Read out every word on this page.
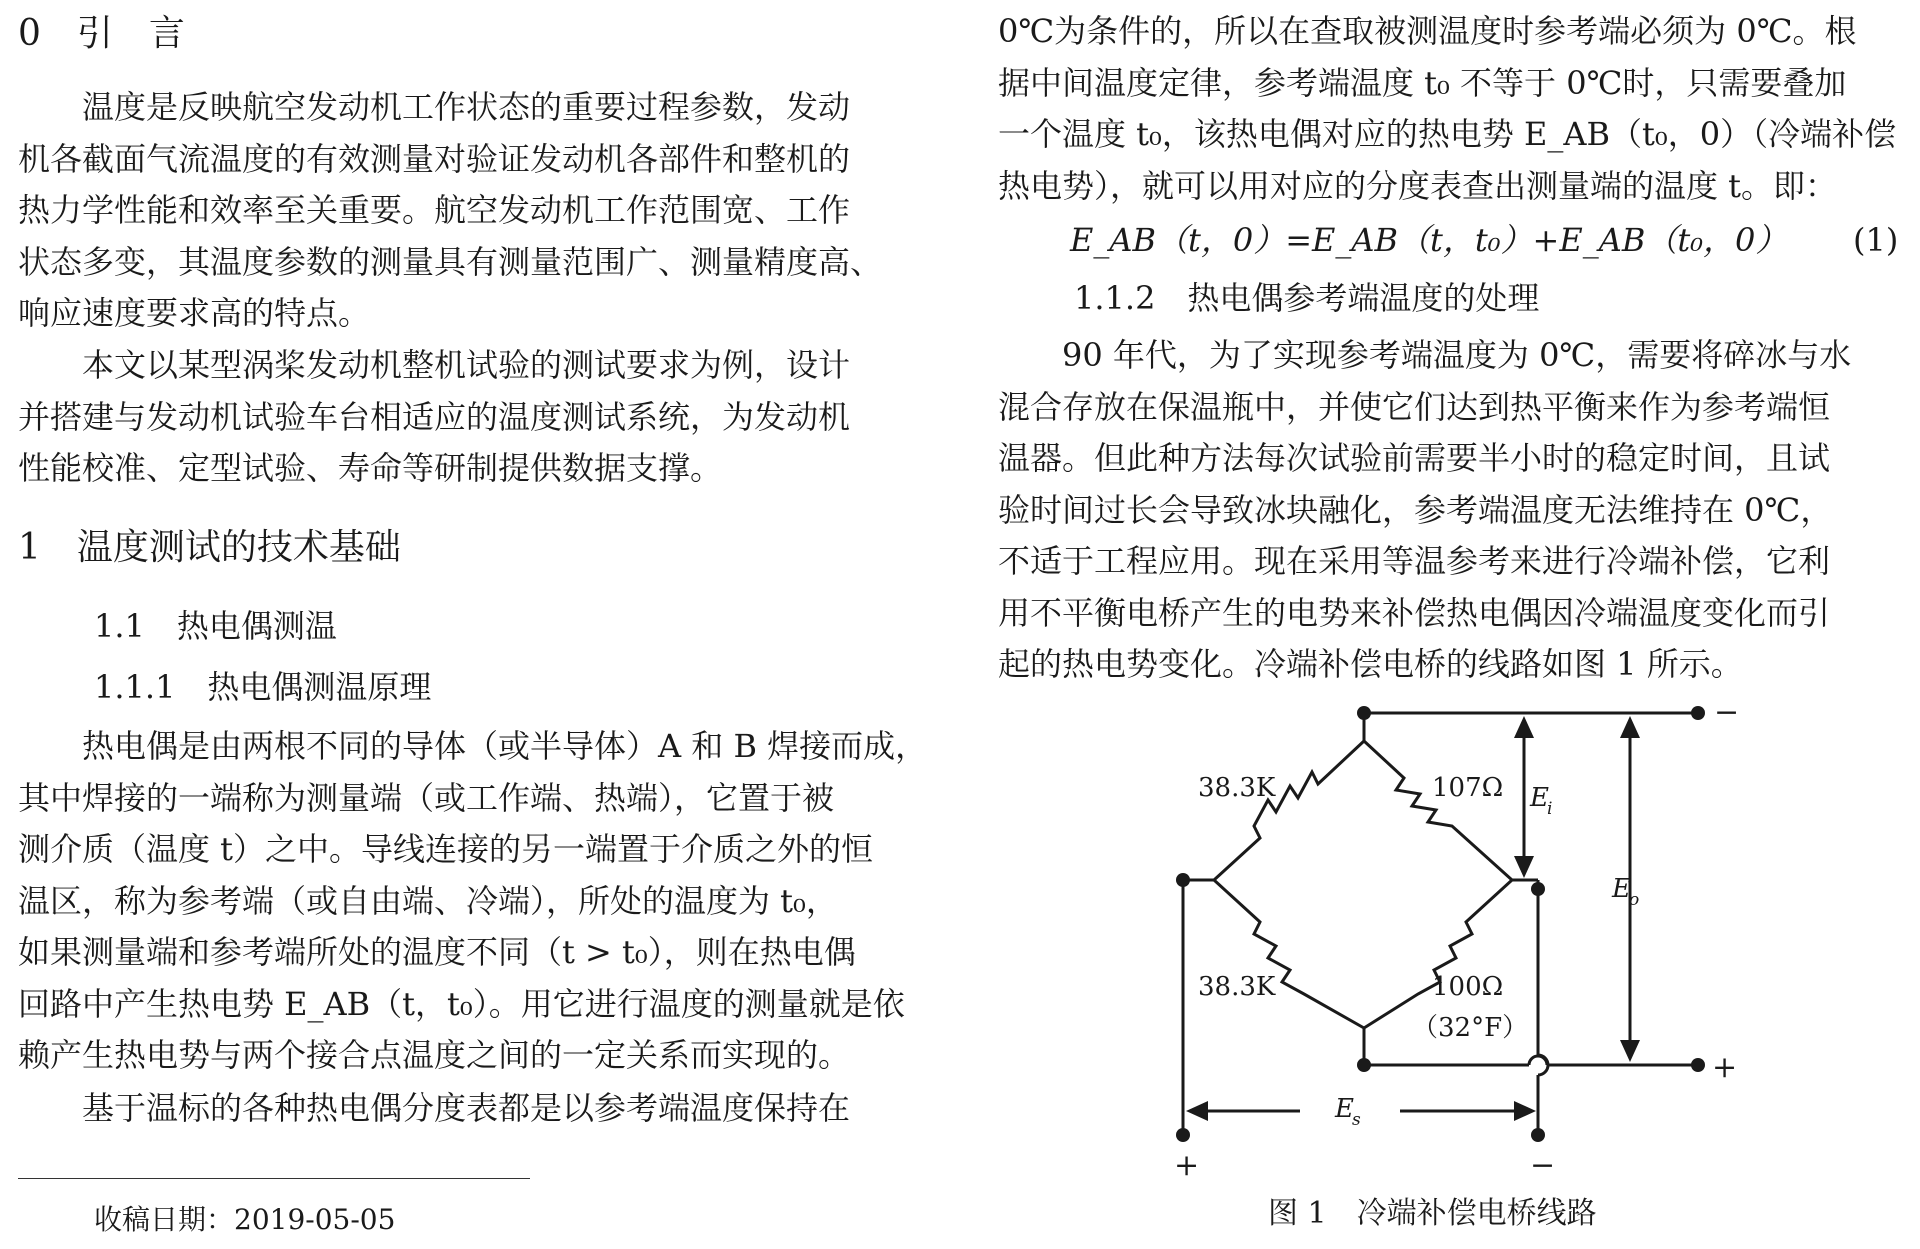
0　引　言
　　温度是反映航空发动机工作状态的重要过程参数，发动
机各截面气流温度的有效测量对验证发动机各部件和整机的
热力学性能和效率至关重要。航空发动机工作范围宽、工作
状态多变，其温度参数的测量具有测量范围广、测量精度高、
响应速度要求高的特点。
　　本文以某型涡桨发动机整机试验的测试要求为例，设计
并搭建与发动机试验车台相适应的温度测试系统，为发动机
性能校准、定型试验、寿命等研制提供数据支撑。
1　温度测试的技术基础
1.1　热电偶测温
1.1.1　热电偶测温原理
　　热电偶是由两根不同的导体（或半导体）A 和 B 焊接而成，
其中焊接的一端称为测量端（或工作端、热端），它置于被
测介质（温度 t）之中。导线连接的另一端置于介质之外的恒
温区，称为参考端（或自由端、冷端），所处的温度为 t₀，
如果测量端和参考端所处的温度不同（t > t₀），则在热电偶
回路中产生热电势 E_AB（t，t₀）。用它进行温度的测量就是依
赖产生热电势与两个接合点温度之间的一定关系而实现的。
　　基于温标的各种热电偶分度表都是以参考端温度保持在
收稿日期：2019-05-05
0℃为条件的，所以在查取被测温度时参考端必须为 0℃。根
据中间温度定律，参考端温度 t₀ 不等于 0℃时，只需要叠加
一个温度 t₀，该热电偶对应的热电势 E_AB（t₀，0）（冷端补偿
热电势），就可以用对应的分度表查出测量端的温度 t。即：
E_AB（t，0）=E_AB（t，t₀）+E_AB（t₀，0） (1)
1.1.2　热电偶参考端温度的处理
　　90 年代，为了实现参考端温度为 0℃，需要将碎冰与水
混合存放在保温瓶中，并使它们达到热平衡来作为参考端恒
温器。但此种方法每次试验前需要半小时的稳定时间，且试
验时间过长会导致冰块融化，参考端温度无法维持在 0℃，
不适于工程应用。现在采用等温参考来进行冷端补偿，它利
用不平衡电桥产生的电势来补偿热电偶因冷端温度变化而引
起的热电势变化。冷端补偿电桥的线路如图 1 所示。
38.3K	107Ω
38.3K	100Ω
（32°F）
E
i
E
o
E
s
−
+
+	−
图 1　冷端补偿电桥线路
